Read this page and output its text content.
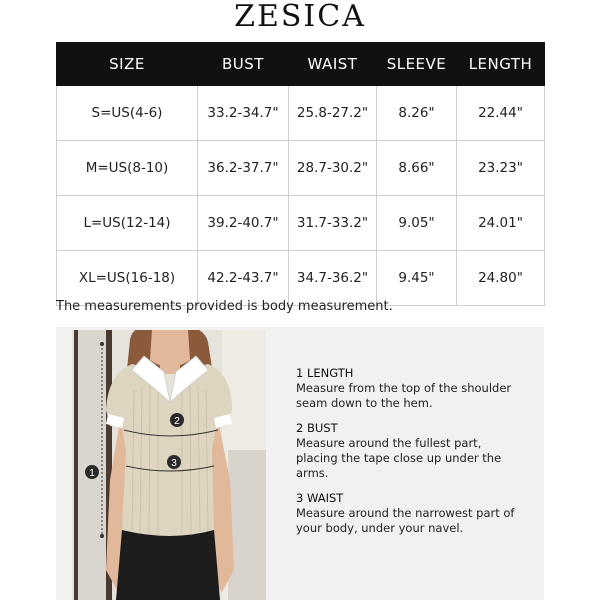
ZESICA
SIZE	BUST	WAIST	SLEEVE	LENGTH
S=US(4-6)	33.2-34.7"	25.8-27.2"	8.26"	22.44"
M=US(8-10)	36.2-37.7"	28.7-30.2"	8.66"	23.23"
L=US(12-14)	39.2-40.7"	31.7-33.2"	9.05"	24.01"
XL=US(16-18)	42.2-43.7"	34.7-36.2"	9.45"	24.80"
The measurements provided is body measurement.
1
2
3
1 LENGTH
Measure from the top of the shoulder seam down to the hem.
2 BUST
Measure around the fullest part, placing the tape close up under the arms.
3 WAIST
Measure around the narrowest part of your body, under your navel.
